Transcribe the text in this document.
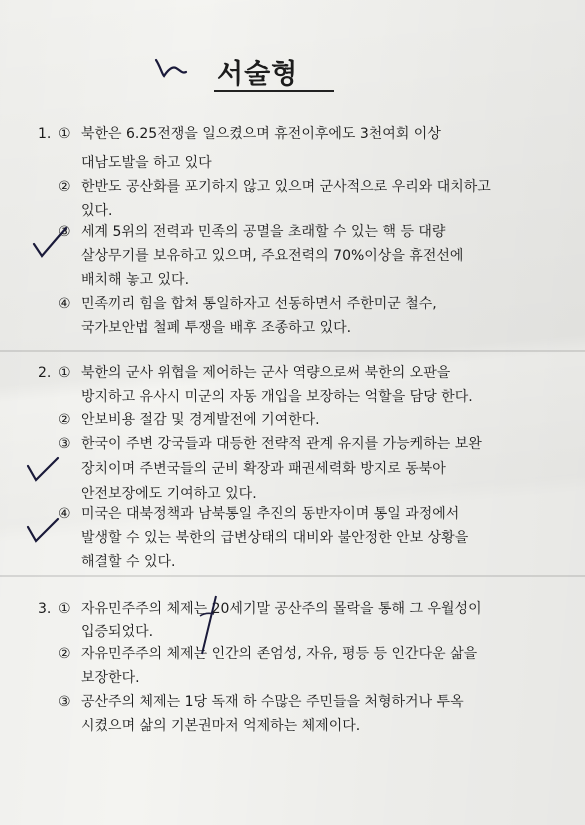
서술형
1. ① 북한은 6.25전쟁을 일으켰으며 휴전이후에도 3천여회 이상
대남도발을 하고 있다
② 한반도 공산화를 포기하지 않고 있으며 군사적으로 우리와 대치하고
있다.
③ 세계 5위의 전력과 민족의 공멸을 초래할 수 있는 핵 등 대량
살상무기를 보유하고 있으며, 주요전력의 70%이상을 휴전선에
배치해 놓고 있다.
④ 민족끼리 힘을 합쳐 통일하자고 선동하면서 주한미군 철수,
국가보안법 철폐 투쟁을 배후 조종하고 있다.
2. ① 북한의 군사 위협을 제어하는 군사 역량으로써 북한의 오판을
방지하고 유사시 미군의 자동 개입을 보장하는 억할을 담당 한다.
② 안보비용 절감 및 경계발전에 기여한다.
③ 한국이 주변 강국들과 대등한 전략적 관계 유지를 가능케하는 보완
장치이며 주변국들의 군비 확장과 패권세력화 방지로 동북아
안전보장에도 기여하고 있다.
④ 미국은 대북정책과 남북통일 추진의 동반자이며 통일 과정에서
발생할 수 있는 북한의 급변상태의 대비와 불안정한 안보 상황을
해결할 수 있다.
3. ① 자유민주주의 체제는 20세기말 공산주의 몰락을 통해 그 우월성이
입증되었다.
② 자유민주주의 체제는 인간의 존엄성, 자유, 평등 등 인간다운 삶을
보장한다.
③ 공산주의 체제는 1당 독재 하 수많은 주민들을 처형하거나 투옥
시켰으며 삶의 기본권마저 억제하는 체제이다.
